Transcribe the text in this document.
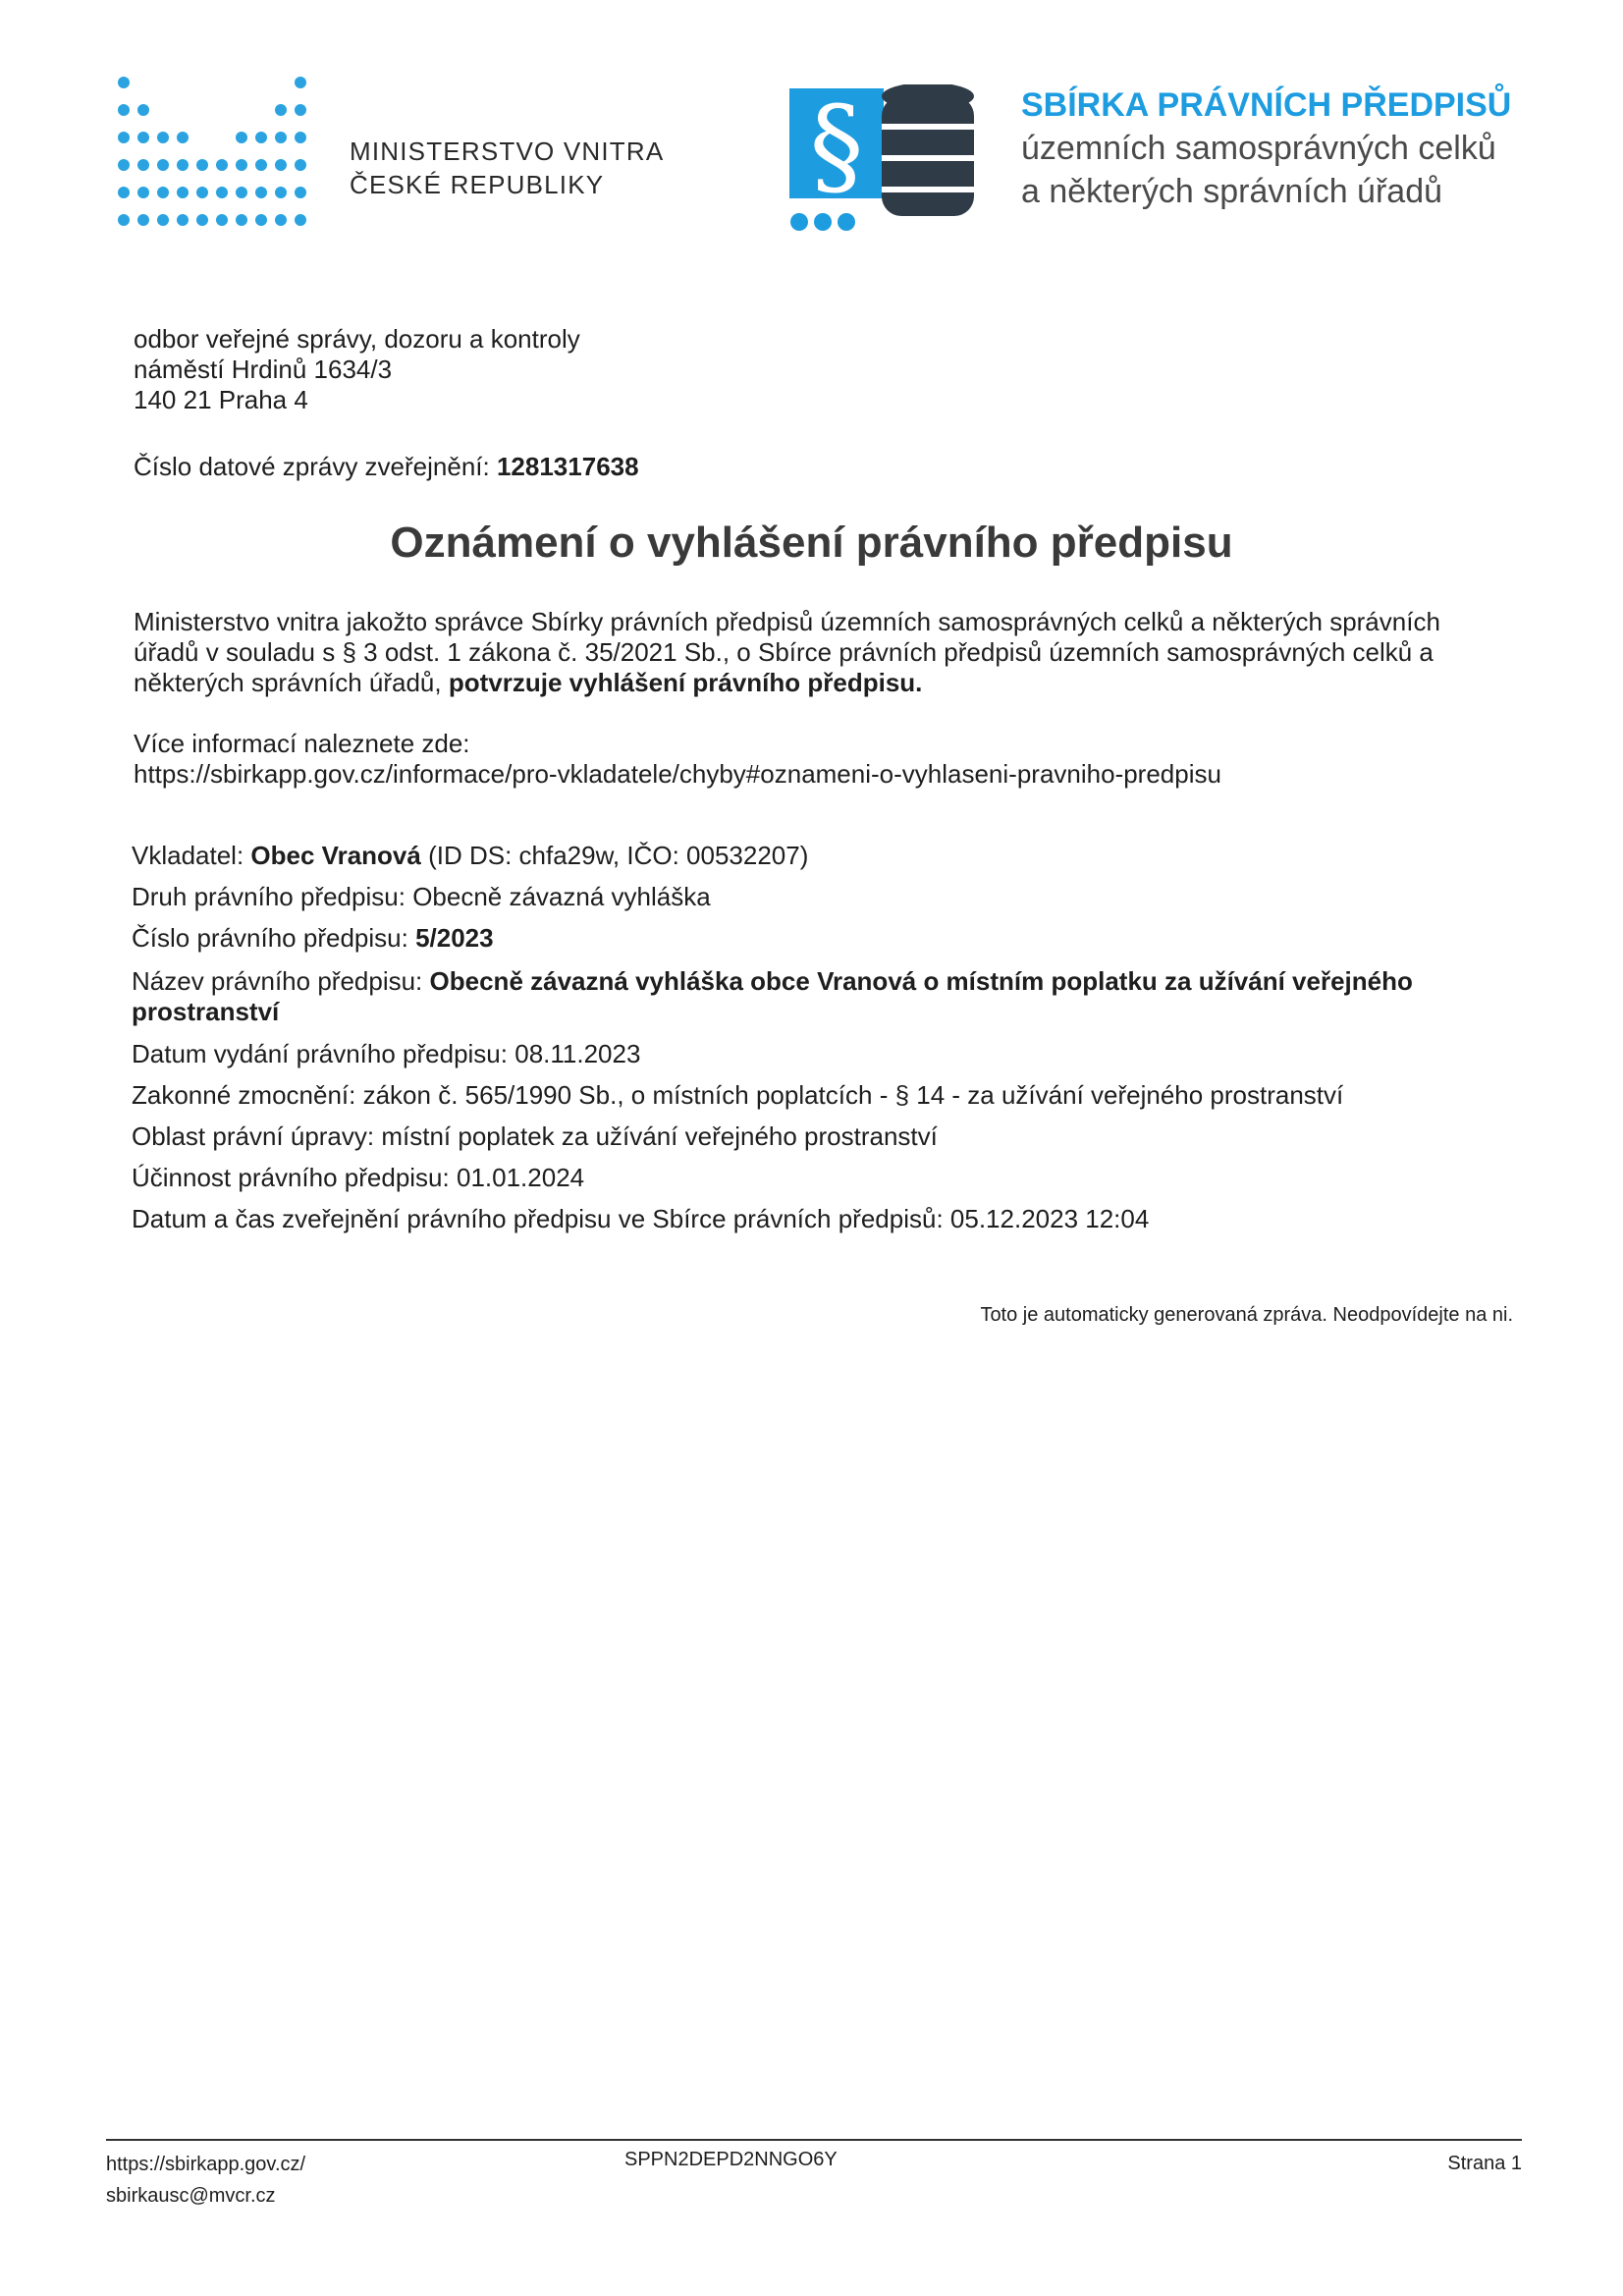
MINISTERSTVO VNITRA
ČESKÉ REPUBLIKY	§	SBÍRKA PRÁVNÍCH PŘEDPISŮ
územních samosprávných celků
a některých správních úřadů
odbor veřejné správy, dozoru a kontroly
náměstí Hrdinů 1634/3
140 21 Praha 4
Číslo datové zprávy zveřejnění: 1281317638
Oznámení o vyhlášení právního předpisu
Ministerstvo vnitra jakožto správce Sbírky právních předpisů územních samosprávných celků a některých správních
úřadů v souladu s § 3 odst. 1 zákona č. 35/2021 Sb., o Sbírce právních předpisů územních samosprávných celků a
některých správních úřadů, potvrzuje vyhlášení právního předpisu.
Více informací naleznete zde:
https://sbirkapp.gov.cz/informace/pro-vkladatele/chyby#oznameni-o-vyhlaseni-pravniho-predpisu
Vkladatel: Obec Vranová (ID DS: chfa29w, IČO: 00532207)
Druh právního předpisu: Obecně závazná vyhláška
Číslo právního předpisu: 5/2023
Název právního předpisu: Obecně závazná vyhláška obce Vranová o místním poplatku za užívání veřejného
prostranství
Datum vydání právního předpisu: 08.11.2023
Zakonné zmocnění: zákon č. 565/1990 Sb., o místních poplatcích - § 14 - za užívání veřejného prostranství
Oblast právní úpravy: místní poplatek za užívání veřejného prostranství
Účinnost právního předpisu: 01.01.2024
Datum a čas zveřejnění právního předpisu ve Sbírce právních předpisů: 05.12.2023 12:04
Toto je automaticky generovaná zpráva. Neodpovídejte na ni.
https://sbirkapp.gov.cz/
sbirkausc@mvcr.cz
SPPN2DEPD2NNGO6Y	Strana 1
